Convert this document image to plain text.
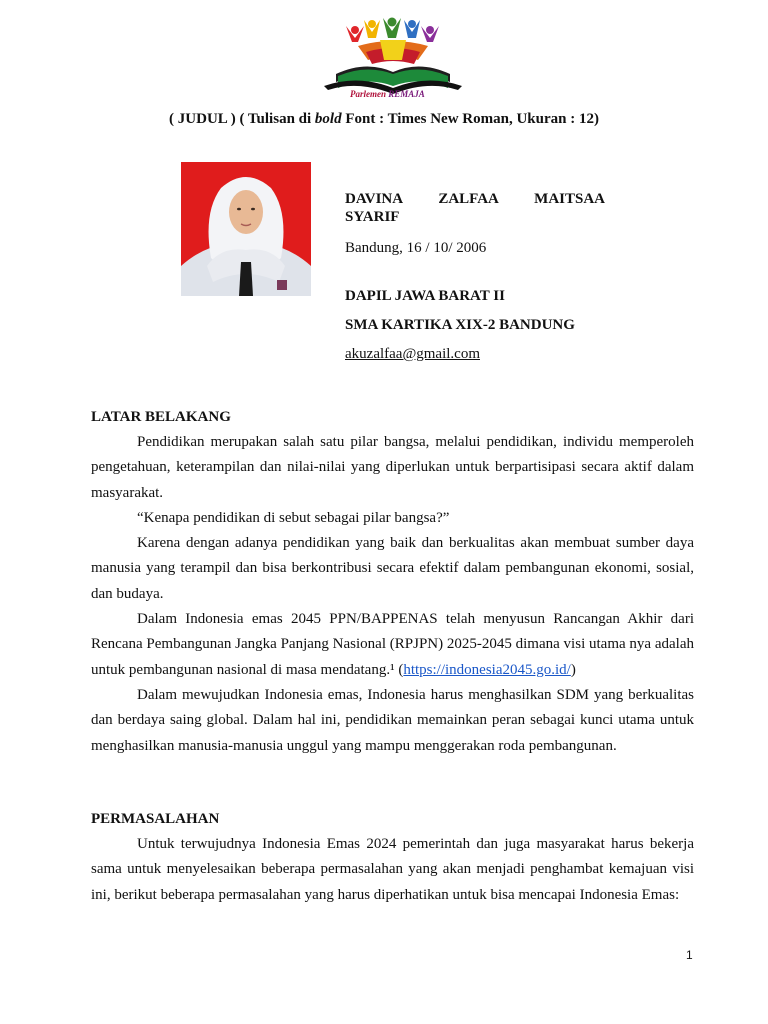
Parlemen REMAJA
( JUDUL ) ( Tulisan di bold Font : Times New Roman, Ukuran : 12)
DAVINA ZALFAA MAITSAA
SYARIF
Bandung, 16 / 10/ 2006
DAPIL JAWA BARAT II
SMA KARTIKA XIX-2 BANDUNG
akuzalfaa@gmail.com

LATAR BELAKANG

Pendidikan merupakan salah satu pilar bangsa, melalui pendidikan, individu memperoleh pengetahuan, keterampilan dan nilai-nilai yang diperlukan untuk berpartisipasi secara aktif dalam masyarakat.

“Kenapa pendidikan di sebut sebagai pilar bangsa?”

Karena dengan adanya pendidikan yang baik dan berkualitas akan membuat sumber daya manusia yang terampil dan bisa berkontribusi secara efektif dalam pembangunan ekonomi, sosial, dan budaya.

Dalam Indonesia emas 2045 PPN/BAPPENAS telah menyusun Rancangan Akhir dari Rencana Pembangunan Jangka Panjang Nasional (RPJPN) 2025-2045 dimana visi utama nya adalah untuk pembangunan nasional di masa mendatang.¹ (https://indonesia2045.go.id/)

Dalam mewujudkan Indonesia emas, Indonesia harus menghasilkan SDM yang berkualitas dan berdaya saing global. Dalam hal ini, pendidikan memainkan peran sebagai kunci utama untuk menghasilkan manusia-manusia unggul yang mampu menggerakan roda pembangunan.

PERMASALAHAN

Untuk terwujudnya Indonesia Emas 2024 pemerintah dan juga masyarakat harus bekerja sama untuk menyelesaikan beberapa permasalahan yang akan menjadi penghambat kemajuan visi ini, berikut beberapa permasalahan yang harus diperhatikan untuk bisa mencapai Indonesia Emas:

1
